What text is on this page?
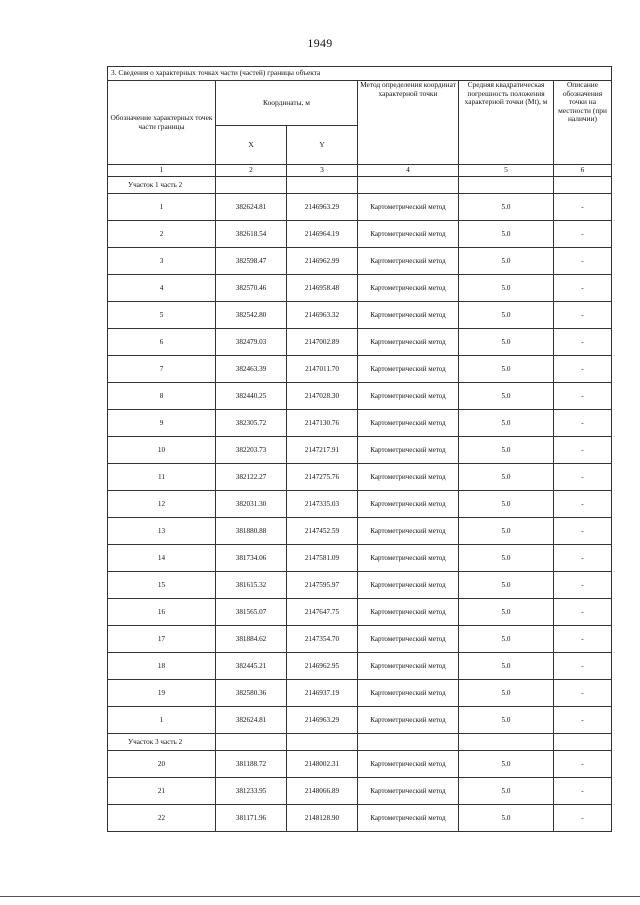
1949
3. Сведения о характерных точках части (частей) границы объекта					
Обозначение характерных точек части границы	Координаты, м		Метод определения координат характерной точки	Средняя квадратическая погрешность положения характерной точки (Mt), м	Описание обозначения точки на местности (при наличии)
	X	Y			
1	2	3	4	5	6
Участок 1 часть 2					
1	382624.81	2146963.29	Картометрический метод	5.0	-
2	382618.54	2146964.19	Картометрический метод	5.0	-
3	382598.47	2146962.99	Картометрический метод	5.0	-
4	382570.46	2146958.48	Картометрический метод	5.0	-
5	382542.80	2146963.32	Картометрический метод	5.0	-
6	382479.03	2147002.89	Картометрический метод	5.0	-
7	382463.39	2147011.70	Картометрический метод	5.0	-
8	382440.25	2147028.30	Картометрический метод	5.0	-
9	382305.72	2147130.76	Картометрический метод	5.0	-
10	382203.73	2147217.91	Картометрический метод	5.0	-
11	382122.27	2147275.76	Картометрический метод	5.0	-
12	382031.30	2147335.03	Картометрический метод	5.0	-
13	381880.88	2147452.59	Картометрический метод	5.0	-
14	381734.06	2147581.09	Картометрический метод	5.0	-
15	381615.32	2147595.97	Картометрический метод	5.0	-
16	381565.07	2147647.75	Картометрический метод	5.0	-
17	381884.62	2147354.70	Картометрический метод	5.0	-
18	382445.21	2146962.95	Картометрический метод	5.0	-
19	382580.36	2146937.19	Картометрический метод	5.0	-
1	382624.81	2146963.29	Картометрический метод	5.0	-
Участок 3 часть 2					
20	381188.72	2148002.31	Картометрический метод	5.0	-
21	381233.95	2148066.89	Картометрический метод	5.0	-
22	381171.96	2148128.90	Картометрический метод	5.0	-
